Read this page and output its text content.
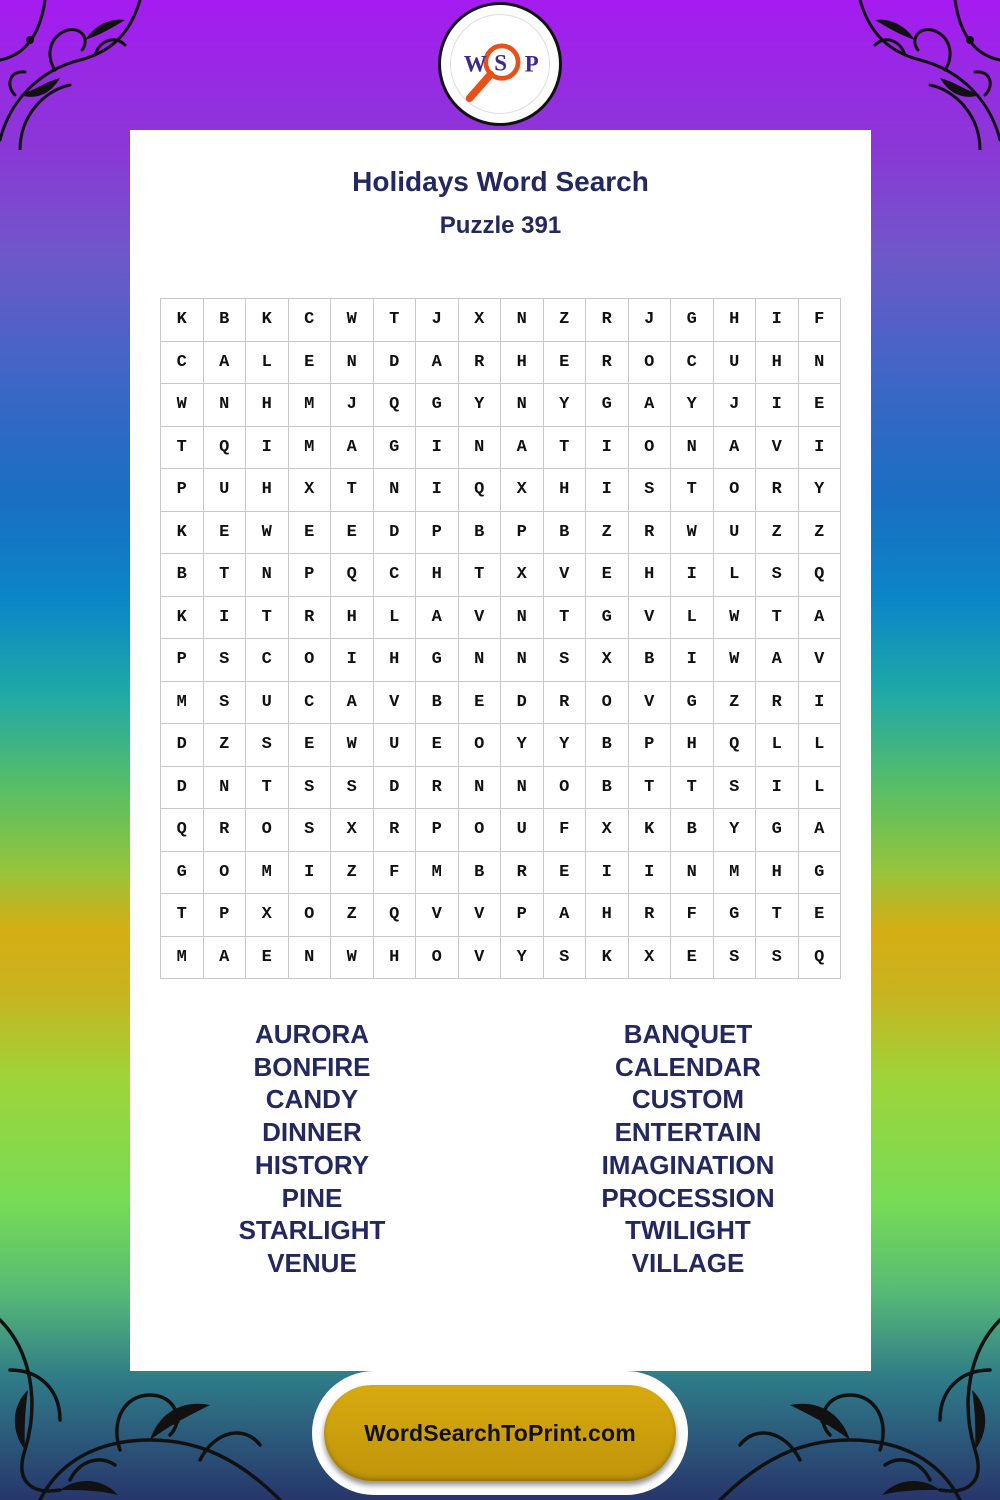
W S P
Holidays Word Search
Puzzle 391
K	B	K	C	W	T	J	X	N	Z	R	J	G	H	I	F
C	A	L	E	N	D	A	R	H	E	R	O	C	U	H	N
W	N	H	M	J	Q	G	Y	N	Y	G	A	Y	J	I	E
T	Q	I	M	A	G	I	N	A	T	I	O	N	A	V	I
P	U	H	X	T	N	I	Q	X	H	I	S	T	O	R	Y
K	E	W	E	E	D	P	B	P	B	Z	R	W	U	Z	Z
B	T	N	P	Q	C	H	T	X	V	E	H	I	L	S	Q
K	I	T	R	H	L	A	V	N	T	G	V	L	W	T	A
P	S	C	O	I	H	G	N	N	S	X	B	I	W	A	V
M	S	U	C	A	V	B	E	D	R	O	V	G	Z	R	I
D	Z	S	E	W	U	E	O	Y	Y	B	P	H	Q	L	L
D	N	T	S	S	D	R	N	N	O	B	T	T	S	I	L
Q	R	O	S	X	R	P	O	U	F	X	K	B	Y	G	A
G	O	M	I	Z	F	M	B	R	E	I	I	N	M	H	G
T	P	X	O	Z	Q	V	V	P	A	H	R	F	G	T	E
M	A	E	N	W	H	O	V	Y	S	K	X	E	S	S	Q
AURORA
BONFIRE
CANDY
DINNER
HISTORY
PINE
STARLIGHT
VENUE
BANQUET
CALENDAR
CUSTOM
ENTERTAIN
IMAGINATION
PROCESSION
TWILIGHT
VILLAGE
WordSearchToPrint.com
